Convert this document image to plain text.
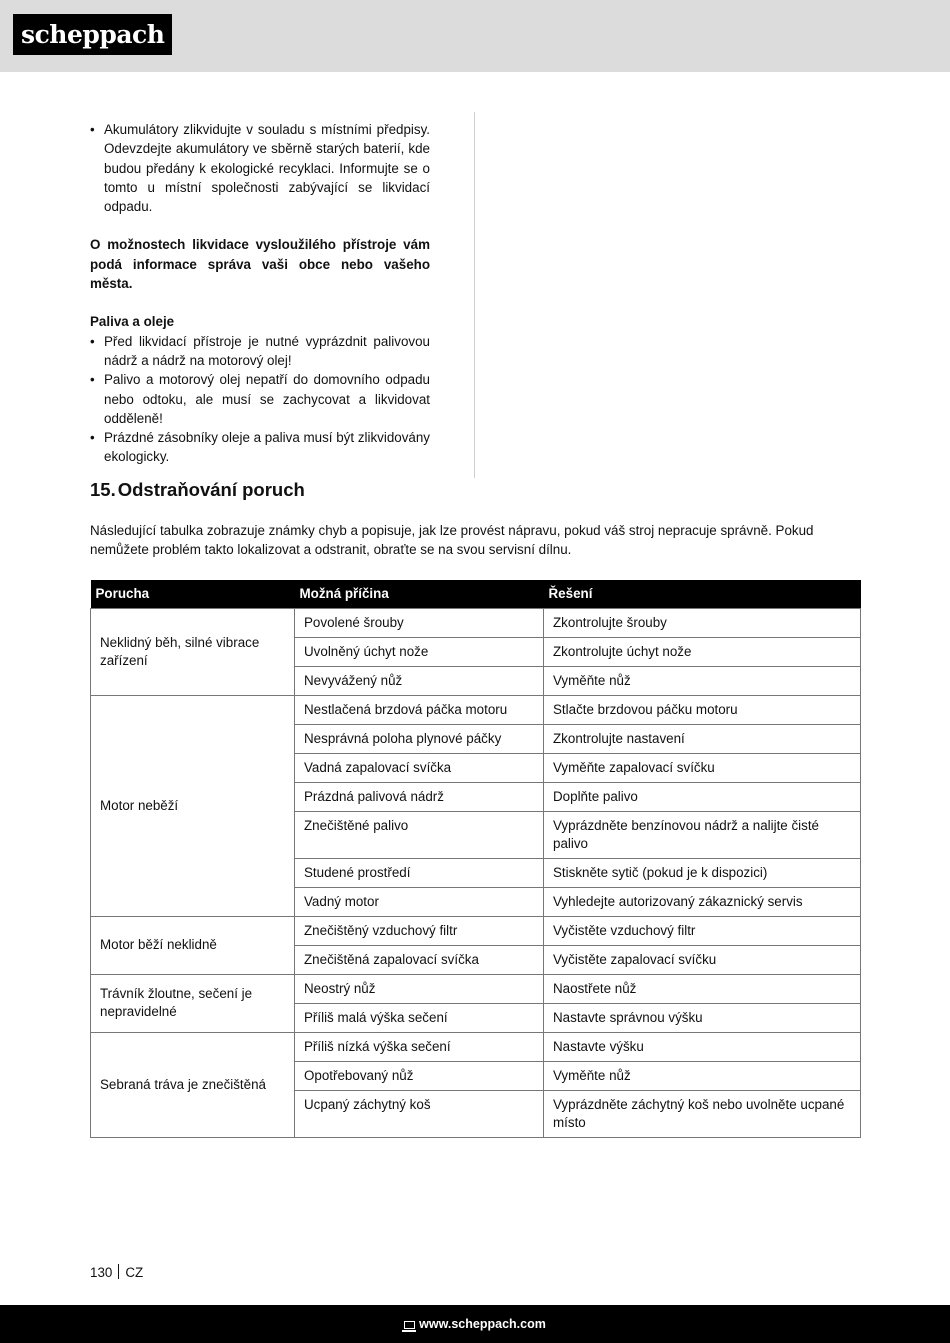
scheppach
• Akumulátory zlikvidujte v souladu s místními předpisy. Odevzdejte akumulátory ve sběrně starých baterií, kde budou předány k ekologické recyklaci. Informujte se o tomto u místní společnosti zabývající se likvidací odpadu.

O možnostech likvidace vysloužilého přístroje vám podá informace správa vaši obce nebo vašeho města.

Paliva a oleje

• Před likvidací přístroje je nutné vyprázdnit palivovou nádrž a nádrž na motorový olej!
• Palivo a motorový olej nepatří do domovního odpadu nebo odtoku, ale musí se zachycovat a likvidovat odděleně!
• Prázdné zásobníky oleje a paliva musí být zlikvidovány ekologicky.
15. Odstraňování poruch

Následující tabulka zobrazuje známky chyb a popisuje, jak lze provést nápravu, pokud váš stroj nepracuje správně. Pokud nemůžete problém takto lokalizovat a odstranit, obraťte se na svou servisní dílnu.

Porucha	Možná příčina	Řešení
Neklidný běh, silné vibrace zařízení	Povolené šrouby	Zkontrolujte šrouby
	Uvolněný úchyt nože	Zkontrolujte úchyt nože
	Nevyvážený nůž	Vyměňte nůž
Motor neběží	Nestlačená brzdová páčka motoru	Stlačte brzdovou páčku motoru
	Nesprávná poloha plynové páčky	Zkontrolujte nastavení
	Vadná zapalovací svíčka	Vyměňte zapalovací svíčku
	Prázdná palivová nádrž	Doplňte palivo
	Znečištěné palivo	Vyprázdněte benzínovou nádrž a nalijte čisté palivo
	Studené prostředí	Stiskněte sytič (pokud je k dispozici)
	Vadný motor	Vyhledejte autorizovaný zákaznický servis
Motor běží neklidně	Znečištěný vzduchový filtr	Vyčistěte vzduchový filtr
	Znečištěná zapalovací svíčka	Vyčistěte zapalovací svíčku
Trávník žloutne, sečení je nepravidelné	Neostrý nůž	Naostřete nůž
	Příliš malá výška sečení	Nastavte správnou výšku
Sebraná tráva je znečištěná	Příliš nízká výška sečení	Nastavte výšku
	Opotřebovaný nůž	Vyměňte nůž
	Ucpaný záchytný koš	Vyprázdněte záchytný koš nebo uvolněte ucpané místo
130 CZ
www.scheppach.com
